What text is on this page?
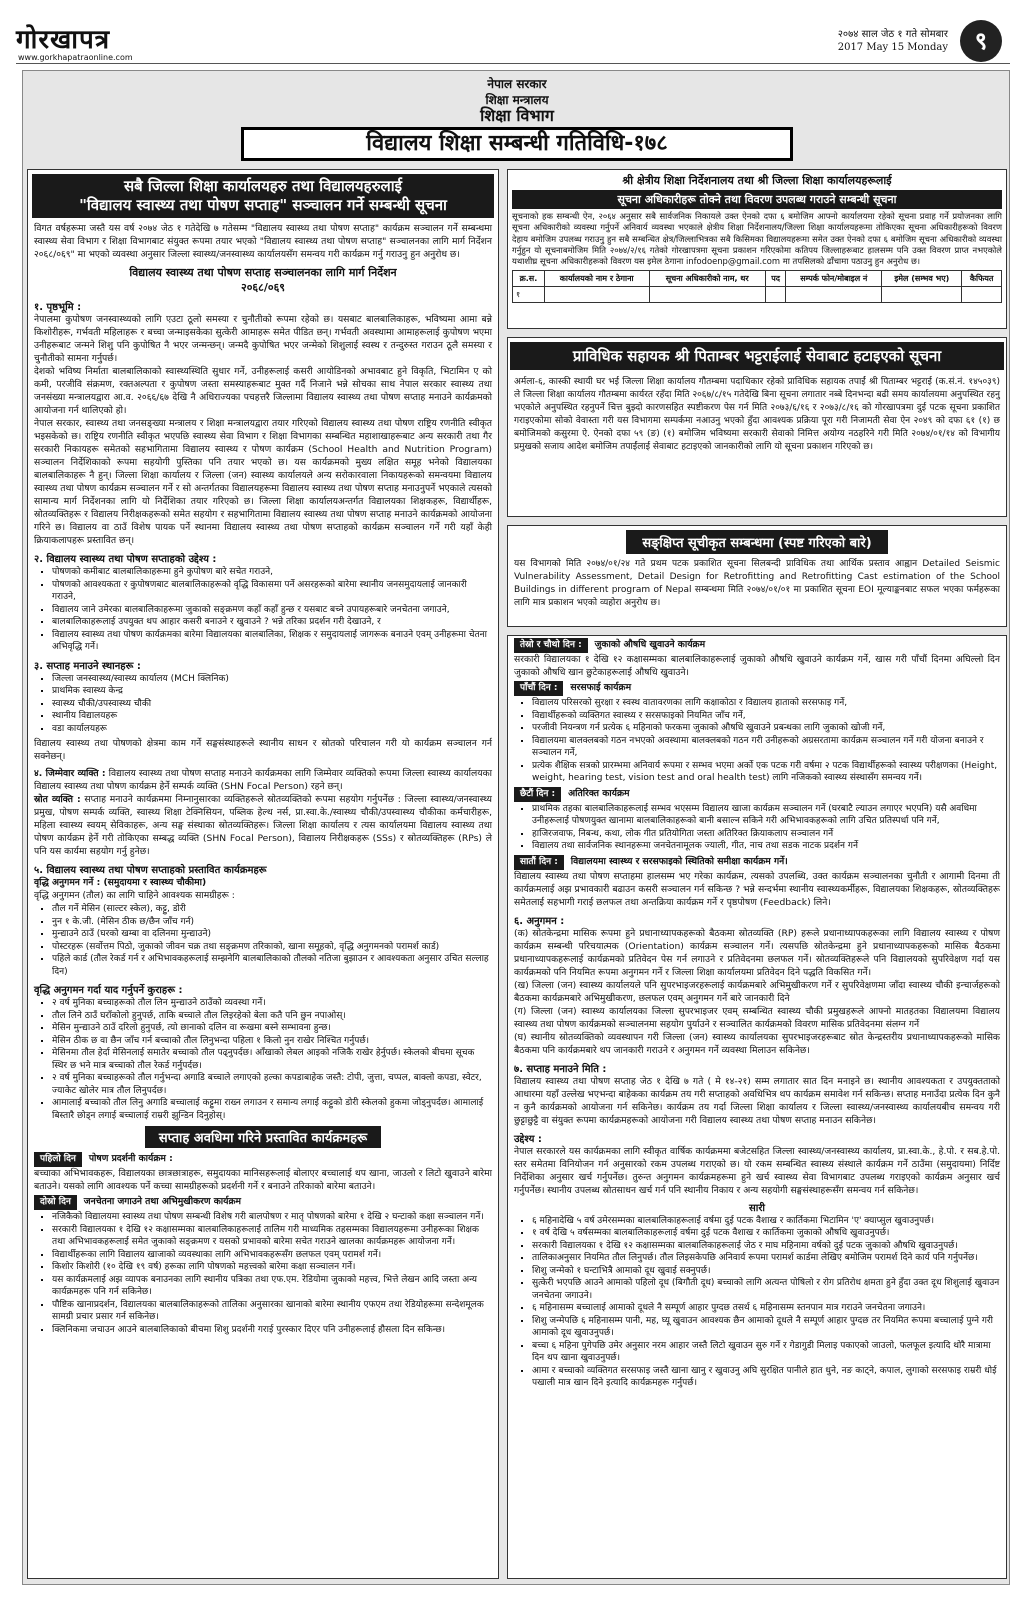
गोरखापत्र
www.gorkhapatraonline.com
२०७४ साल जेठ १ गते सोमबार
2017 May 15 Monday	९
नेपाल सरकार
शिक्षा मन्त्रालय
शिक्षा विभाग
विद्यालय शिक्षा सम्बन्धी गतिविधि-१७८
सबै जिल्ला शिक्षा कार्यालयहरु तथा विद्यालयहरुलाई
"विद्यालय स्वास्थ्य तथा पोषण सप्ताह" सञ्चालन गर्ने सम्बन्धी सूचना
विगत वर्षहरूमा जस्तै यस वर्ष २०७४ जेठ १ गतेदेखि ७ गतेसम्म "विद्यालय स्वास्थ्य तथा पोषण सप्ताह" कार्यक्रम सञ्चालन गर्ने सम्बन्धमा स्वास्थ्य सेवा विभाग र शिक्षा विभागबाट संयुक्त रूपमा तयार भएको "विद्यालय स्वास्थ्य तथा पोषण सप्ताह" सञ्चालनका लागि मार्ग निर्देशन २०६८/०६९" मा भएको व्यवस्था अनुसार जिल्ला स्वास्थ्य/जनस्वास्थ्य कार्यालयसँग समन्वय गरी कार्यक्रम गर्नु गराउनु हुन अनुरोध छ।
विद्यालय स्वास्थ्य तथा पोषण सप्ताह सञ्चालनका लागि मार्ग निर्देशन
२०६८/०६९
१. पृष्ठभूमि :
नेपालमा कुपोषण जनस्वास्थ्यको लागि एउटा ठूलो समस्या र चुनौतीको रूपमा रहेको छ। यसबाट बालबालिकाहरू, भविष्यमा आमा बन्ने किशोरीहरू, गर्भवती महिलाहरू र बच्चा जन्माइसकेका सुत्केरी आमाहरू समेत पीडित छन्। गर्भवती अवस्थामा आमाहरूलाई कुपोषण भएमा उनीहरूबाट जन्मने शिशु पनि कुपोषित नै भएर जन्मन्छन्। जन्मदै कुपोषित भएर जन्मेको शिशुलाई स्वस्थ र तन्दुरुस्त गराउन ठूलै समस्या र चुनौतीको सामना गर्नुपर्छ।
देशको भविष्य निर्माता बालबालिकाको स्वास्थ्यस्थिति सुधार गर्ने, उनीहरूलाई कसरी आयोडिनको अभावबाट हुने विकृति, भिटामिन ए को कमी, परजीवि संक्रमण, रक्तअल्पता र कुपोषण जस्ता समस्याहरूबाट मुक्त गर्दै निजाने भन्ने सोचका साथ नेपाल सरकार स्वास्थ्य तथा जनसंख्या मन्त्रालयद्वारा आ.व. २०६६/६७ देखि नै अधिराज्यका पचहत्तरै जिल्लामा विद्यालय स्वास्थ्य तथा पोषण सप्ताह मनाउने कार्यक्रमको आयोजना गर्न थालिएको हो।
नेपाल सरकार, स्वास्थ्य तथा जनसङ्ख्या मन्त्रालय र शिक्षा मन्त्रालयद्वारा तयार गरिएको विद्यालय स्वास्थ्य तथा पोषण राष्ट्रिय रणनीति स्वीकृत भइसकेको छ। राष्ट्रिय रणनीति स्वीकृत भएपछि स्वास्थ्य सेवा विभाग र शिक्षा विभागका सम्बन्धित महाशाखाहरूबाट अन्य सरकारी तथा गैर सरकारी निकायहरू समेतको सहभागितामा विद्यालय स्वास्थ्य र पोषण कार्यक्रम (School Health and Nutrition Program) सञ्चालन निर्देशिकाको रूपमा सहयोगी पुस्तिका पनि तयार भएको छ। यस कार्यक्रमको मुख्य लक्षित समूह भनेको विद्यालयका बालबालिकाहरू नै हुन्। जिल्ला शिक्षा कार्यालय र जिल्ला (जन) स्वास्थ्य कार्यालयले अन्य सरोकारवाला निकायहरूको समन्वयमा विद्यालय स्वास्थ्य तथा पोषण कार्यक्रम सञ्चालन गर्ने र सो अन्तर्गतका विद्यालयहरूमा विद्यालय स्वास्थ्य तथा पोषण सप्ताह मनाउनुपर्ने भएकाले त्यसको सामान्य मार्ग निर्देशनका लागि यो निर्देशिका तयार गरिएको छ। जिल्ला शिक्षा कार्यालयअन्तर्गत विद्यालयका शिक्षकहरू, विद्यार्थीहरू, स्रोतव्यक्तिहरू र विद्यालय निरीक्षकहरूको समेत सहयोग र सहभागितामा विद्यालय स्वास्थ्य तथा पोषण सप्ताह मनाउने कार्यक्रमको आयोजना गरिने छ। विद्यालय वा ठाउँ विशेष पायक पर्ने स्थानमा विद्यालय स्वास्थ्य तथा पोषण सप्ताहको कार्यक्रम सञ्चालन गर्ने गरी यहाँ केही क्रियाकलापहरू प्रस्तावित छन्।
२. विद्यालय स्वास्थ्य तथा पोषण सप्ताहको उद्देश्य :
▪ पोषणको कमीबाट बालबालिकाहरूमा हुने कुपोषण बारे सचेत गराउने,
▪ पोषणको आवश्यकता र कुपोषणबाट बालबालिकाहरूको वृद्धि विकासमा पर्ने असरहरूको बारेमा स्थानीय जनसमुदायलाई जानकारी गराउने,
▪ विद्यालय जाने उमेरका बालबालिकाहरूमा जुकाको सङ्क्रमण कहाँ कहाँ हुन्छ र यसबाट बच्ने उपायहरूबारे जनचेतना जगाउने,
▪ बालबालिकाहरूलाई उपयुक्त थप आहार कसरी बनाउने र खुवाउने ? भन्ने तरिका प्रदर्शन गरी देखाउने, र
▪ विद्यालय स्वास्थ्य तथा पोषण कार्यक्रमका बारेमा विद्यालयका बालबालिका, शिक्षक र समुदायलाई जागरूक बनाउने एवम् उनीहरूमा चेतना अभिवृद्धि गर्ने।
३. सप्ताह मनाउने स्थानहरू :
▪ जिल्ला जनस्वास्थ्य/स्वास्थ्य कार्यालय (MCH क्लिनिक)
▪ प्राथमिक स्वास्थ्य केन्द्र
▪ स्वास्थ्य चौकी/उपस्वास्थ्य चौकी
▪ स्थानीय विद्यालयहरू
▪ वडा कार्यालयहरू
विद्यालय स्वास्थ्य तथा पोषणको क्षेत्रमा काम गर्ने सङ्घसंस्थाहरूले स्थानीय साधन र स्रोतको परिचालन गरी यो कार्यक्रम सञ्चालन गर्न सक्नेछन्।
४. जिम्मेवार व्यक्ति : विद्यालय स्वास्थ्य तथा पोषण सप्ताह मनाउने कार्यक्रमका लागि जिम्मेवार व्यक्तिको रूपमा जिल्ला स्वास्थ्य कार्यालयका विद्यालय स्वास्थ्य तथा पोषण कार्यक्रम हेर्ने सम्पर्क व्यक्ति (SHN Focal Person) रहने छन्।
स्रोत व्यक्ति : सप्ताह मनाउने कार्यक्रममा निम्नानुसारका व्यक्तिहरूले स्रोतव्यक्तिको रूपमा सहयोग गर्नुपर्नेछ : जिल्ला स्वास्थ्य/जनस्वास्थ्य प्रमुख, पोषण सम्पर्क व्यक्ति, स्वास्थ्य शिक्षा टेक्निसियन, पब्लिक हेल्थ नर्स, प्रा.स्वा.के./स्वास्थ्य चौकी/उपस्वास्थ्य चौकीका कर्मचारीहरू, महिला स्वास्थ्य स्वयम् सेविकाहरू, अन्य सङ्घ संस्थाका स्रोतव्यक्तिहरू। जिल्ला शिक्षा कार्यालय र त्यस कार्यालयमा विद्यालय स्वास्थ्य तथा पोषण कार्यक्रम हेर्ने गरी तोकिएका सम्बद्ध व्यक्ति (SHN Focal Person), विद्यालय निरीक्षकहरू (SSs) र स्रोतव्यक्तिहरू (RPs) ले पनि यस कार्यमा सहयोग गर्नु हुनेछ।
५. विद्यालय स्वास्थ्य तथा पोषण सप्ताहको प्रस्तावित कार्यक्रमहरू
वृद्धि अनुगमन गर्ने : (समुदायमा र स्वास्थ्य चौकीमा)
वृद्धि अनुगमन (तौल) का लागि चाहिने आवश्यक सामग्रीहरू :
▪ तौल गर्ने मेसिन (साल्टर स्केल), कट्टु, डोरी
▪ नुन १ के.जी. (मेसिन ठीक छ/छैन जाँच गर्न)
▪ मुन्द्याउने ठाउँ (घरको खम्बा वा दलिनमा मुन्द्याउने)
▪ पोस्टरहरू (सर्वोत्तम पिठो, जुकाको जीवन चक्र तथा सङ्क्रमण तरिकाको, खाना समूहको, वृद्धि अनुगमनको परामर्श कार्ड)
▪ पहिले कार्ड (तौल रेकर्ड गर्न र अभिभावकहरूलाई सम्झनेगि बालबालिकाको तौलको नतिजा बुझाउन र आवश्यकता अनुसार उचित सल्लाह दिन)
वृद्धि अनुगमन गर्दा याद गर्नुपर्ने कुराहरू :
▪ २ वर्ष मुनिका बच्चाहरूको तौल लिन मुन्द्याउने ठाउँको व्यवस्था गर्ने।
▪ तौल लिने ठाउँ घराँकोलो हुनुपर्छ, ताकि बच्चाले तौल लिइरहेको बेला कतै पनि छुन नपाओस्।
▪ मेसिन मुन्द्याउने ठाउँ दरिलो हुनुपर्छ, त्यो छानाको दलिन वा रूखमा बस्ने सम्भावना हुन्छ।
▪ मेसिन ठीक छ वा छैन जाँच गर्न बच्चाको तौल लिनुभन्दा पहिला १ किलो नुन राखेर निश्चित गर्नुपर्छ।
▪ मेसिनमा तौल हेर्दा मेसिनलाई समातेर बच्चाको तौल पढ्नुपर्दछ। आँखाको लेबल आइको नजिकै राखेर हेर्नुपर्छ। स्केलको बीचमा सूचक स्थिर छ भने मात्र बच्चाको तौल रेकर्ड गर्नुपर्दछ।
▪ २ वर्ष मुनिका बच्चाहरूको तौल गर्नुभन्दा अगाडि बच्चाले लगाएको हल्का कपडाबाहेक जस्तै: टोपी, जुत्ता, चप्पल, बाक्लो कपडा, स्वेटर, ज्याकेट खोलेर मात्र तौल लिनुपर्दछ।
▪ आमालाई बच्चाको तौल लिनु अगाडि बच्चालाई कट्टुमा राख्न लगाउन र समान्य लगाई कट्टुको डोरी स्केलको हुकमा जोड्नुपर्दछ। आमालाई बिस्तारै छोड्न लगाई बच्चालाई राम्ररी झुन्डिन दिनुहोस्।
सप्ताह अवधिमा गरिने प्रस्तावित कार्यक्रमहरू
पहिलो दिन पोषण प्रदर्शनी कार्यक्रम :
बच्चाका अभिभावकहरू, विद्यालयका छात्रछात्राहरू, समुदायका मानिसहरूलाई बोलाएर बच्चालाई थप खाना, जाउलो र लिटो खुवाउने बारेमा बताउने। यसको लागि आवश्यक पर्ने कच्चा सामग्रीहरूको प्रदर्शनी गर्ने र बनाउने तरिकाको बारेमा बताउने।
दोस्रो दिन जनचेतना जगाउने तथा अभिमुखीकरण कार्यक्रम
▪ नजिकैको विद्यालयमा स्वास्थ्य तथा पोषण सम्बन्धी विशेष गरी बालपोषण र मातृ पोषणको बारेमा १ देखि २ घन्टाको कक्षा सञ्चालन गर्ने।
▪ सरकारी विद्यालयका १ देखि १२ कक्षासम्मका बालबालिकाहरूलाई तालिम गरी माध्यमिक तहसम्मका विद्यालयहरूमा उनीहरूका शिक्षक तथा अभिभावकहरूलाई समेत जुकाको सङ्क्रमण र यसको प्रभावको बारेमा सचेत गराउने खालका कार्यक्रमहरू आयोजना गर्ने।
▪ विद्यार्थीहरूका लागि विद्यालय खाजाको व्यवस्थाका लागि अभिभावकहरूसँग छलफल एवम् परामर्श गर्ने।
▪ किशोर किशोरी (१० देखि १९ वर्ष) हरूका लागि पोषणको महत्त्वको बारेमा कक्षा सञ्चालन गर्ने।
▪ यस कार्यक्रमलाई अझ व्यापक बनाउनका लागि स्थानीय पत्रिका तथा एफ.एम. रेडियोमा जुकाको महत्त्व, भित्ते लेखन आदि जस्ता अन्य कार्यक्रमहरू पनि गर्न सकिनेछ।
▪ पौष्टिक खानाप्रदर्शन, विद्यालयका बालबालिकाहरूको तालिका अनुसारका खानाको बारेमा स्थानीय एफएम तथा रेडियोहरूमा सन्देशमूलक सामग्री प्रचार प्रसार गर्न सकिनेछ।
▪ क्लिनिकमा जचाउन आउने बालबालिकाको बीचमा शिशु प्रदर्शनी गराई पुरस्कार दिएर पनि उनीहरूलाई हौसला दिन सकिन्छ।
श्री क्षेत्रीय शिक्षा निर्देशनालय तथा श्री जिल्ला शिक्षा कार्यालयहरूलाई
सूचना अधिकारीहरू तोक्ने तथा विवरण उपलब्ध गराउने सम्बन्धी सूचना
सूचनाको हक सम्बन्धी ऐन, २०६४ अनुसार सबै सार्वजनिक निकायले उक्त ऐनको दफा ६ बमोजिम आफ्नो कार्यालयमा रहेको सूचना प्रवाह गर्ने प्रयोजनका लागि सूचना अधिकारीको व्यवस्था गर्नुपर्ने अनिवार्य व्यवस्था भएकाले क्षेत्रीय शिक्षा निर्देशनालय/जिल्ला शिक्षा कार्यालयहरूमा तोकिएका सूचना अधिकारीहरूको विवरण देहाय बमोजिम उपलब्ध गराउनु हुन सबै सम्बन्धित क्षेत्र/जिल्लाभित्रका सबै किसिमका विद्यालयहरूमा समेत उक्त ऐनको दफा ६ बमोजिम सूचना अधिकारीको व्यवस्था गर्नुहुन यो सूचनाबमोजिम मिति २०७४/२/१६ गतेको गोरखापत्रमा सूचना प्रकाशन गरिएकोमा कतिपय जिल्लाहरूबाट हालसम्म पनि उक्त विवरण प्राप्त नभएकोले यथाशीघ्र सूचना अधिकारीहरूको विवरण यस इमेल ठेगाना infodoenp@gmail.com मा तपसिलको ढाँचामा पठाउनु हुन अनुरोध छ।
क्र.स.	कार्यालयको नाम र ठेगाना	सूचना अधिकारीको नाम, थर	पद	सम्पर्क फोन/मोबाइल नं	इमेल (सम्भव भए)	कैफियत
१						
प्राविधिक सहायक श्री पिताम्बर भट्टराईलाई सेवाबाट हटाइएको सूचना
अर्मला-६, कास्की स्थायी घर भई जिल्ला शिक्षा कार्यालय गौतम्बमा पदाधिकार रहेको प्राविधिक सहायक तपाईं श्री पिताम्बर भट्टराई (क.सं.नं. १४५०३९) ले जिल्ला शिक्षा कार्यालय गौतम्बमा कार्यरत रहँदा मिति २०६७/८/१५ गतेदेखि बिना सूचना लगातार नब्बे दिनभन्दा बढी समय कार्यालयमा अनुपस्थित रहनु भएकोले अनुपस्थित रहनुपर्ने चित्त बुझ्दो कारणसहित स्पष्टीकरण पेस गर्न मिति २०७३/६/१६ र २०७३/८/१६ को गोरखापत्रमा दुई पटक सूचना प्रकाशित गराइएकोमा सोको वेवास्ता गरी यस विभागमा सम्पर्कमा नआउनु भएको हुँदा आवश्यक प्रक्रिया पूरा गरी निजामती सेवा ऐन २०४९ को दफा ६१ (१) छ बमोजिमको कसुरमा ऐ. ऐनको दफा ५९ (ङ) (१) बमोजिम भविष्यमा सरकारी सेवाको निमित्त अयोग्य नठहरिने गरी मिति २०७४/०१/१४ को विभागीय प्रमुखको सजाय आदेश बमोजिम तपाईंलाई सेवाबाट हटाइएको जानकारीको लागि यो सूचना प्रकाशन गरिएको छ।
सङ्क्षिप्त सूचीकृत सम्बन्धमा (स्पष्ट गरिएको बारे)
यस विभागको मिति २०७४/०१/२४ गते प्रथम पटक प्रकाशित सूचना सिलबन्दी प्राविधिक तथा आर्थिक प्रस्ताव आह्वान Detailed Seismic Vulnerability Assessment, Detail Design for Retrofitting and Retrofitting Cast estimation of the School Buildings in different program of Nepal सम्बन्धमा मिति २०७४/०१/०१ मा प्रकाशित सूचना EOI मूल्याङ्कनबाट सफल भएका फर्महरूका लागि मात्र प्रकाशन भएको व्यहोरा अनुरोध छ।
तेस्रो र चौथो दिन : जुकाको औषधि खुवाउने कार्यक्रम
सरकारी विद्यालयका १ देखि १२ कक्षासम्मका बालबालिकाहरूलाई जुकाको औषधि खुवाउने कार्यक्रम गर्ने, खास गरी पाँचौं दिनमा अघिल्लो दिन जुकाको औषधि खान छुटेकाहरूलाई औषधि खुवाउने।
पाँचौं दिन : सरसफाई कार्यक्रम
▪ विद्यालय परिसरको सुरक्षा र स्वस्थ वातावरणका लागि कक्षाकोठा र विद्यालय हाताको सरसफाइ गर्ने,
▪ विद्यार्थीहरूको व्यक्तिगत स्वास्थ्य र सरसफाइको नियमित जाँच गर्ने,
▪ परजीवी नियन्त्रण गर्न प्रत्येक ६ महिनाको फरकमा जुकाको औषधि खुवाउने प्रबन्धका लागि जुकाको खोजी गर्ने,
▪ विद्यालयमा बालक्लबको गठन नभएको अवस्थामा बालक्लबको गठन गरी उनीहरूको अग्रसरतामा कार्यक्रम सञ्चालन गर्ने गरी योजना बनाउने र सञ्चालन गर्ने,
▪ प्रत्येक शैक्षिक सत्रको प्रारम्भमा अनिवार्य रूपमा र सम्भव भएमा अर्को एक पटक गरी वर्षमा २ पटक विद्यार्थीहरूको स्वास्थ्य परीक्षणका (Height, weight, hearing test, vision test and oral health test) लागि नजिकको स्वास्थ्य संस्थासँग समन्वय गर्ने।
छैटौं दिन : अतिरिक्त कार्यक्रम
▪ प्राथमिक तहका बालबालिकाहरूलाई सम्भव भएसम्म विद्यालय खाजा कार्यक्रम सञ्चालन गर्ने (घरबाटै ल्याउन लगाएर भएपनि) यसै अवधिमा उनीहरूलाई पोषणयुक्त खानामा बालबालिकाहरूको बानी बसाल्न सकिने गरी अभिभावकहरूको लागि उचित प्रतिस्पर्धा पनि गर्ने,
▪ हाजिरजवाफ, निबन्ध, कथा, लोक गीत प्रतियोगिता जस्ता अतिरिक्त क्रियाकलाप सञ्चालन गर्ने
▪ विद्यालय तथा सार्वजनिक स्थानहरूमा जनचेतनामूलक ज्याली, गीत, नाच तथा सडक नाटक प्रदर्शन गर्ने
सातौं दिन : विद्यालयमा स्वास्थ्य र सरसफाइको स्थितिको समीक्षा कार्यक्रम गर्ने।
विद्यालय स्वास्थ्य तथा पोषण सप्ताहमा हालसम्म भए गरेका कार्यक्रम, त्यसको उपलब्धि, उक्त कार्यक्रम सञ्चालनका चुनौती र आगामी दिनमा ती कार्यक्रमलाई अझ प्रभावकारी बढाउन कसरी सञ्चालन गर्न सकिन्छ ? भन्ने सन्दर्भमा स्थानीय स्वास्थ्यकर्मीहरू, विद्यालयका शिक्षकहरू, स्रोतव्यक्तिहरू समेतलाई सहभागी गराई छलफल तथा अन्तक्रिया कार्यक्रम गर्ने र पृष्ठपोषण (Feedback) लिने।
६. अनुगमन :
(क) स्रोतकेन्द्रमा मासिक रूपमा हुने प्रधानाध्यापकहरूको बैठकमा स्रोतव्यक्ति (RP) हरूले प्रधानाध्यापकहरूका लागि विद्यालय स्वास्थ्य र पोषण कार्यक्रम सम्बन्धी परिचयात्मक (Orientation) कार्यक्रम सञ्चालन गर्ने। त्यसपछि स्रोतकेन्द्रमा हुने प्रधानाध्यापकहरूको मासिक बैठकमा प्रधानाध्यापकहरूलाई कार्यक्रमको प्रतिवेदन पेस गर्न लगाउने र प्रतिवेदनमा छलफल गर्ने। स्रोतव्यक्तिहरूले पनि विद्यालयको सुपरिवेक्षण गर्दा यस कार्यक्रमको पनि नियमित रूपमा अनुगमन गर्ने र जिल्ला शिक्षा कार्यालयमा प्रतिवेदन दिने पद्धति विकसित गर्ने।
(ख) जिल्ला (जन) स्वास्थ्य कार्यालयले पनि सुपरभाइजरहरूलाई कार्यक्रमबारे अभिमुखीकरण गर्ने र सुपरिवेक्षणमा जाँदा स्वास्थ्य चौकी इन्चार्जहरूको बैठकमा कार्यक्रमबारे अभिमुखीकरण, छलफल एवम् अनुगमन गर्ने बारे जानकारी दिने
(ग) जिल्ला (जन) स्वास्थ्य कार्यालयका जिल्ला सुपरभाइजर एवम् सम्बन्धित स्वास्थ्य चौकी प्रमुखहरूले आफ्नो मातहतका विद्यालयमा विद्यालय स्वास्थ्य तथा पोषण कार्यक्रमको सञ्चालनमा सहयोग पुर्याउने र सञ्चालित कार्यक्रमको विवरण मासिक प्रतिवेदनमा संलग्न गर्ने
(घ) स्थानीय स्रोतव्यक्तिको व्यवस्थापन गरी जिल्ला (जन) स्वास्थ्य कार्यालयका सुपरभाइजरहरूबाट स्रोत केन्द्रस्तरीय प्रधानाध्यापकहरूको मासिक बैठकमा पनि कार्यक्रमबारे थप जानकारी गराउने र अनुगमन गर्ने व्यवस्था मिलाउन सकिनेछ।
७. सप्ताह मनाउने मिति :
विद्यालय स्वास्थ्य तथा पोषण सप्ताह जेठ १ देखि ७ गते ( मे १४-२१) सम्म लगातार सात दिन मनाइने छ। स्थानीय आवश्यकता र उपयुक्तताको आधारमा यहाँ उल्लेख भएभन्दा बाहेकका कार्यक्रम तय गरी सप्ताहको अवधिभित्र थप कार्यक्रम समावेश गर्न सकिन्छ। सप्ताह मनाउँदा प्रत्येक दिन कुनै न कुनै कार्यक्रमको आयोजना गर्न सकिनेछ। कार्यक्रम तय गर्दा जिल्ला शिक्षा कार्यालय र जिल्ला स्वास्थ्य/जनस्वास्थ्य कार्यालयबीच समन्वय गरी छुट्टाछुट्टै वा संयुक्त रूपमा कार्यक्रमहरूको आयोजना गरी विद्यालय स्वास्थ्य तथा पोषण सप्ताह मनाउन सकिनेछ।
उद्देश्य :
नेपाल सरकारले यस कार्यक्रमका लागि स्वीकृत वार्षिक कार्यक्रममा बजेटसहित जिल्ला स्वास्थ्य/जनस्वास्थ्य कार्यालय, प्रा.स्वा.के., हे.पो. र सब.हे.पो. स्तर समेतमा विनियोजन गर्न अनुसारको रकम उपलब्ध गराएको छ। यो रकम सम्बन्धित स्वास्थ्य संस्थाले कार्यक्रम गर्ने ठाउँमा (समुदायमा) निर्दिष्ट निर्देशिका अनुसार खर्च गर्नुपर्नेछ। तुरुन्त अनुगमन कार्यक्रमहरूमा हुने खर्च स्वास्थ्य सेवा विभागबाट उपलब्ध गराइएको कार्यक्रम अनुसार खर्च गर्नुपर्नेछ। स्थानीय उपलब्ध स्रोतसाधन खर्च गर्न पनि स्थानीय निकाय र अन्य सहयोगी सङ्घसंस्थाहरूसँग समन्वय गर्न सकिनेछ।
सारी
▪ ६ महिनादेखि ५ वर्ष उमेरसम्मका बालबालिकाहरूलाई वर्षमा दुई पटक वैशाख र कार्तिकमा भिटामिन 'ए' क्याप्सुल खुवाउनुपर्छ।
▪ १ वर्ष देखि ५ वर्षसम्मका बालबालिकाहरूलाई वर्षमा दुई पटक वैशाख र कार्तिकमा जुकाको औषधि खुवाउनुपर्छ।
▪ सरकारी विद्यालयका १ देखि १२ कक्षासम्मका बालबालिकाहरूलाई जेठ र माघ महिनामा वर्षको दुई पटक जुकाको औषधि खुवाउनुपर्छ।
▪ तालिकाअनुसार नियमित तौल लिनुपर्छ। तौल लिइसकेपछि अनिवार्य रूपमा परामर्श कार्डमा लेखिए बमोजिम परामर्श दिने कार्य पनि गर्नुपर्नेछ।
▪ शिशु जन्मेको १ घन्टाभित्रै आमाको दूध खुवाई सक्नुपर्छ।
▪ सुत्केरी भएपछि आउने आमाको पहिलो दूध (बिगौती दूध) बच्चाको लागि अत्यन्त पोषिलो र रोग प्रतिरोध क्षमता हुने हुँदा उक्त दूध शिशुलाई खुवाउन जनचेतना जगाउने।
▪ ६ महिनासम्म बच्चालाई आमाको दूधले नै सम्पूर्ण आहार पुग्दछ तसर्थ ६ महिनासम्म स्तनपान मात्र गराउने जनचेतना जगाउने।
▪ शिशु जन्मेपछि ६ महिनासम्म पानी, मह, घ्यू खुवाउन आवश्यक छैन आमाको दूधले नै सम्पूर्ण आहार पुग्दछ तर नियमित रूपमा बच्चालाई पुग्ने गरी आमाको दूध खुवाउनुपर्छ।
▪ बच्चा ६ महिना पुगेपछि उमेर अनुसार नरम आहार जस्तै लिटो खुवाउन सुरु गर्ने र गेडागुडी मिलाइ पकाएको जाउलो, फलफूल इत्यादि थोरै मात्रामा दिन थप खाना खुवाउनुपर्छ।
▪ आमा र बच्चाको व्यक्तिगत सरसफाइ जस्तै खाना खानु र खुवाउनु अघि सुरक्षित पानीले हात धुने, नङ काट्ने, कपाल, लुगाको सरसफाइ राम्ररी धोई पखाली मात्र खान दिने इत्यादि कार्यक्रमहरू गर्नुपर्छ।
